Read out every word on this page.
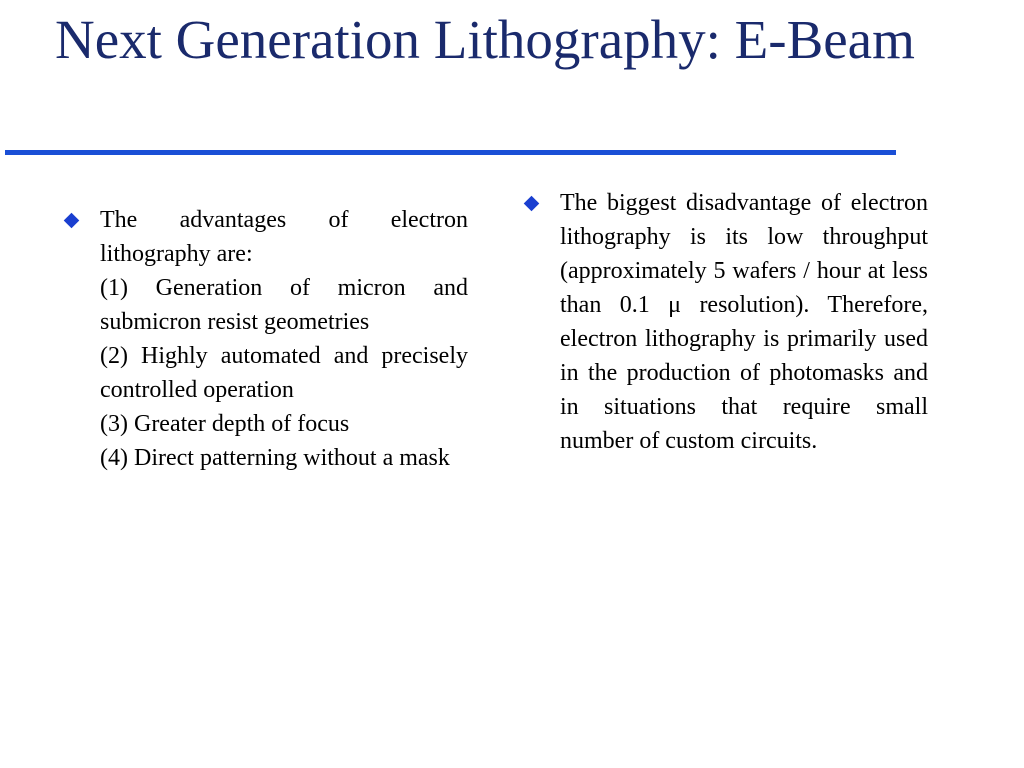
Next Generation Lithography: E-Beam

The advantages of electron lithography are:

(1) Generation of micron and submicron resist geometries

(2) Highly automated and precisely controlled operation

(3) Greater depth of focus

(4) Direct patterning without a mask

The biggest disadvantage of electron lithography is its low throughput (approximately 5 wafers / hour at less than 0.1 μ resolution). Therefore, electron lithography is primarily used in the production of photomasks and in situations that require small number of custom circuits.
